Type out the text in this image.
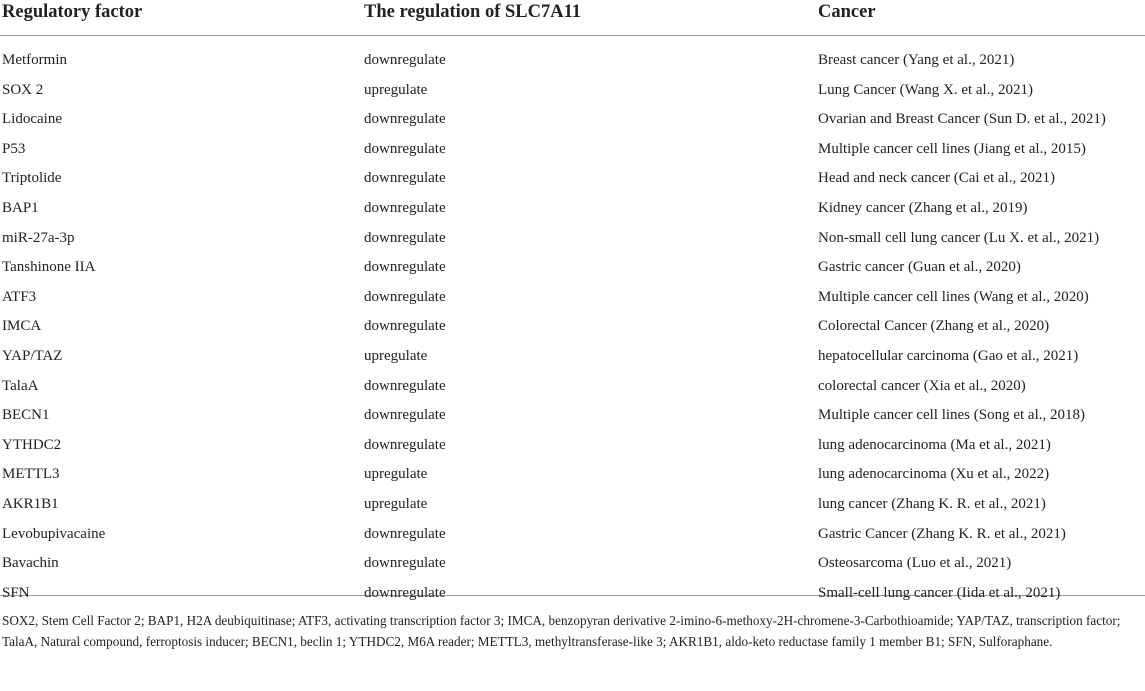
Regulatory factor	The regulation of SLC7A11	Cancer
Metformin	downregulate	Breast cancer (Yang et al., 2021)
SOX 2	upregulate	Lung Cancer (Wang X. et al., 2021)
Lidocaine	downregulate	Ovarian and Breast Cancer (Sun D. et al., 2021)
P53	downregulate	Multiple cancer cell lines (Jiang et al., 2015)
Triptolide	downregulate	Head and neck cancer (Cai et al., 2021)
BAP1	downregulate	Kidney cancer (Zhang et al., 2019)
miR-27a-3p	downregulate	Non-small cell lung cancer (Lu X. et al., 2021)
Tanshinone IIA	downregulate	Gastric cancer (Guan et al., 2020)
ATF3	downregulate	Multiple cancer cell lines (Wang et al., 2020)
IMCA	downregulate	Colorectal Cancer (Zhang et al., 2020)
YAP/TAZ	upregulate	hepatocellular carcinoma (Gao et al., 2021)
TalaA	downregulate	colorectal cancer (Xia et al., 2020)
BECN1	downregulate	Multiple cancer cell lines (Song et al., 2018)
YTHDC2	downregulate	lung adenocarcinoma (Ma et al., 2021)
METTL3	upregulate	lung adenocarcinoma (Xu et al., 2022)
AKR1B1	upregulate	lung cancer (Zhang K. R. et al., 2021)
Levobupivacaine	downregulate	Gastric Cancer (Zhang K. R. et al., 2021)
Bavachin	downregulate	Osteosarcoma (Luo et al., 2021)
SFN	downregulate	Small-cell lung cancer (Iida et al., 2021)
SOX2, Stem Cell Factor 2; BAP1, H2A deubiquitinase; ATF3, activating transcription factor 3; IMCA, benzopyran derivative 2-imino-6-methoxy-2H-chromene-3-Carbothioamide; YAP/TAZ, transcription factor; TalaA, Natural compound, ferroptosis inducer; BECN1, beclin 1; YTHDC2, M6A reader; METTL3, methyltransferase-like 3; AKR1B1, aldo-keto reductase family 1 member B1; SFN, Sulforaphane.
